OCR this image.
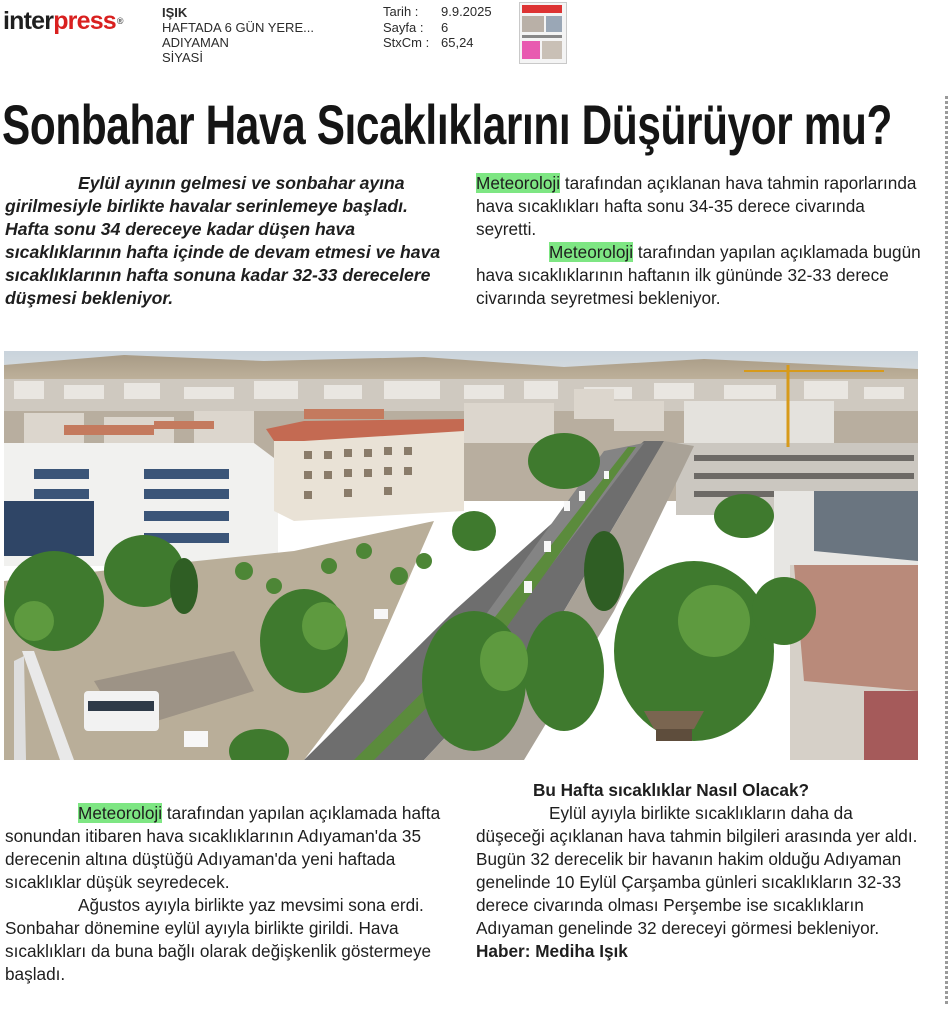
interpress®
IŞIK
HAFTADA 6 GÜN YERE...
ADIYAMAN
SİYASİ
Tarih :	9.9.2025
Sayfa :	6
StxCm : 65,24
Sonbahar Hava Sıcaklıklarını Düşürüyor mu?

Eylül ayının gelmesi ve sonbahar ayına girilmesiyle birlikte havalar serinlemeye başladı. Hafta sonu 34 dereceye kadar düşen hava sıcaklıklarının hafta içinde de devam etmesi ve hava sıcaklıklarının hafta sonuna kadar 32-33 derecelere düşmesi bekleniyor.

Meteoroloji tarafından açıklanan hava tahmin raporlarında hava sıcaklıkları hafta sonu 34-35 derece civarında seyretti.

Meteoroloji tarafından yapılan açıklamada bugün hava sıcaklıklarının haftanın ilk gününde 32-33 derece civarında seyretmesi bekleniyor.

Meteoroloji tarafından yapılan açıklamada hafta sonundan itibaren hava sıcaklıklarının Adıyaman'da 35 derecenin altına düştüğü Adıyaman'da yeni haftada sıcaklıklar düşük seyredecek.

Ağustos ayıyla birlikte yaz mevsimi sona erdi. Sonbahar dönemine eylül ayıyla birlikte girildi. Hava sıcaklıkları da buna bağlı olarak değişkenlik göstermeye başladı.

Bu Hafta sıcaklıklar Nasıl Olacak?

Eylül ayıyla birlikte sıcaklıkların daha da düşeceği açıklanan hava tahmin bilgileri arasında yer aldı. Bugün 32 derecelik bir havanın hakim olduğu Adıyaman genelinde 10 Eylül Çarşamba günleri sıcaklıkların 32-33 derece civarında olması Perşembe ise sıcaklıkların Adıyaman genelinde 32 dereceyi görmesi bekleniyor.  Haber: Mediha Işık
